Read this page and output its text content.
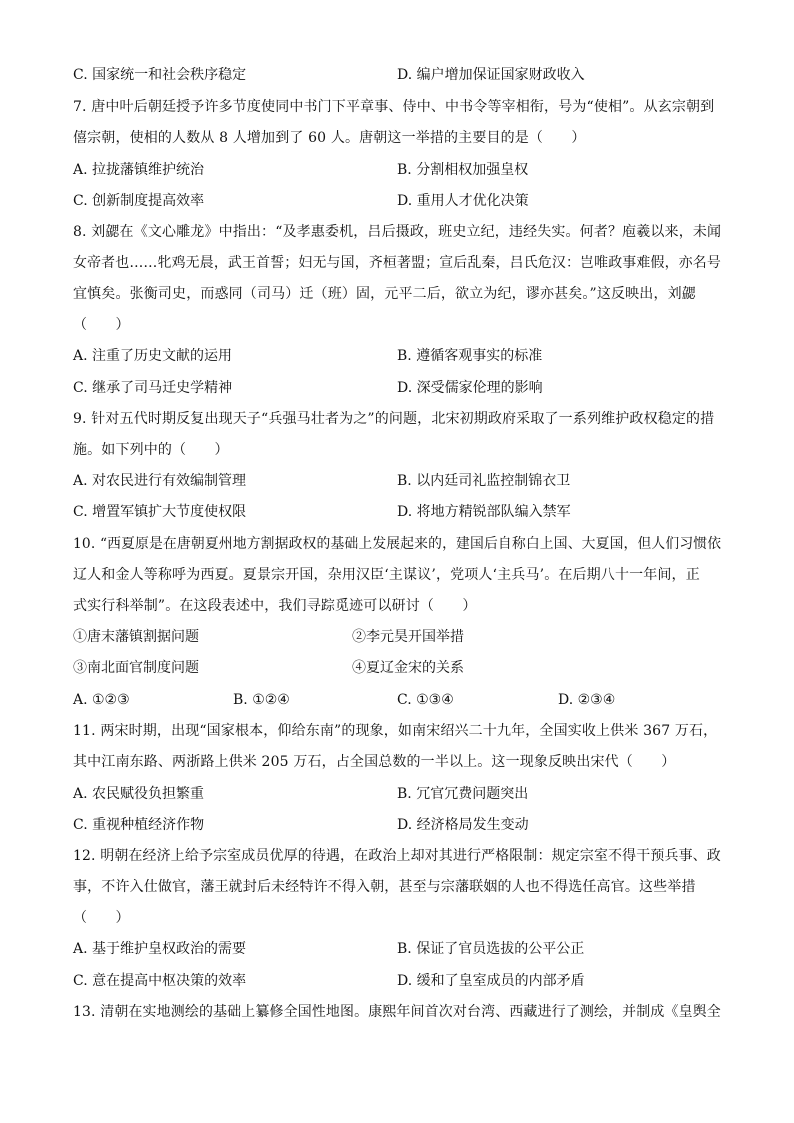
C. 国家统一和社会秩序稳定	D. 编户增加保证国家财政收入
7. 唐中叶后朝廷授予许多节度使同中书门下平章事、侍中、中书令等宰相衔，号为“使相”。从玄宗朝到
僖宗朝，使相的人数从 8 人增加到了 60 人。唐朝这一举措的主要目的是（　　）
A. 拉拢藩镇维护统治	B. 分割相权加强皇权
C. 创新制度提高效率	D. 重用人才优化决策
8. 刘勰在《文心雕龙》中指出：“及孝惠委机，吕后摄政，班史立纪，违经失实。何者？庖羲以来，未闻
女帝者也……牝鸡无晨，武王首誓；妇无与国，齐桓著盟；宣后乱秦，吕氏危汉：岂唯政事难假，亦名号
宜慎矣。张衡司史，而惑同（司马）迁（班）固，元平二后，欲立为纪，谬亦甚矣。”这反映出，刘勰
（　　）
A. 注重了历史文献的运用	B. 遵循客观事实的标准
C. 继承了司马迁史学精神	D. 深受儒家伦理的影响
9. 针对五代时期反复出现天子“兵强马壮者为之”的问题，北宋初期政府采取了一系列维护政权稳定的措
施。如下列中的（　　）
A. 对农民进行有效编制管理	B. 以内廷司礼监控制锦衣卫
C. 增置军镇扩大节度使权限	D. 将地方精锐部队编入禁军
10. “西夏原是在唐朝夏州地方割据政权的基础上发展起来的，建国后自称白上国、大夏国，但人们习惯依
辽人和金人等称呼为西夏。夏景宗开国，杂用汉臣‘主谋议’，党项人‘主兵马’。在后期八十一年间，正
式实行科举制”。在这段表述中，我们寻踪觅迹可以研讨（　　）
①唐末藩镇割据问题	②李元昊开国举措
③南北面官制度问题	④夏辽金宋的关系
A. ①②③	B. ①②④	C. ①③④	D. ②③④
11. 两宋时期，出现“国家根本，仰给东南”的现象，如南宋绍兴二十九年，全国实收上供米 367 万石，
其中江南东路、两浙路上供米 205 万石，占全国总数的一半以上。这一现象反映出宋代（　　）
A. 农民赋役负担繁重	B. 冗官冗费问题突出
C. 重视种植经济作物	D. 经济格局发生变动
12. 明朝在经济上给予宗室成员优厚的待遇，在政治上却对其进行严格限制：规定宗室不得干预兵事、政
事，不许入仕做官，藩王就封后未经特许不得入朝，甚至与宗藩联姻的人也不得选任高官。这些举措
（　　）
A. 基于维护皇权政治的需要	B. 保证了官员选拔的公平公正
C. 意在提高中枢决策的效率	D. 缓和了皇室成员的内部矛盾
13. 清朝在实地测绘的基础上纂修全国性地图。康熙年间首次对台湾、西藏进行了测绘，并制成《皇舆全
